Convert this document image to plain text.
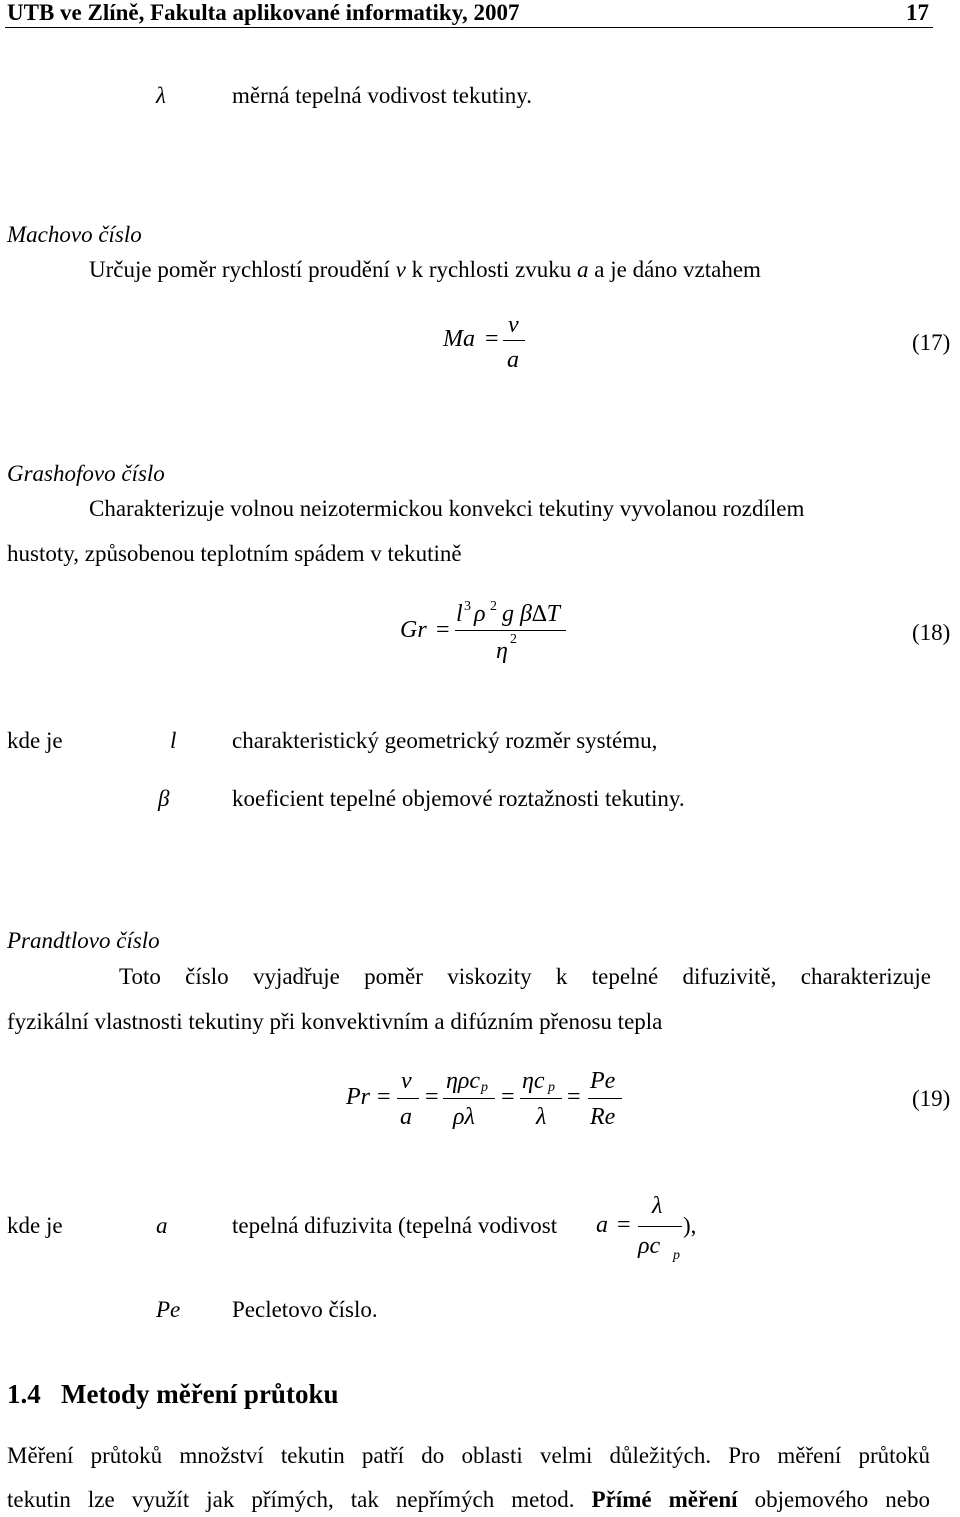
UTB ve Zlíně, Fakulta aplikované informatiky, 2007	17
λ	měrná tepelná vodivost tekutiny.
Machovo číslo
Určuje poměr rychlostí proudění v k rychlosti zvuku a a je dáno vztahem
Ma =
v
a
(17)
Grashofovo číslo
Charakterizuje volnou neizotermickou konvekci tekutiny vyvolanou rozdílem
hustoty, způsobenou teplotním spádem v tekutině
Gr =
l 3 ρ 2 g β∆T
η 2	(18)
kde je	l charakteristický geometrický rozměr systému,
β	koeficient tepelné objemové roztažnosti tekutiny.
Prandtlovo číslo
Toto číslo vyjadřuje poměr viskozity k tepelné difuzivitě, charakterizuje
fyzikální vlastnosti tekutiny při konvektivním a difúzním přenosu tepla
Pr =
ν
a
=
ηρc p
ρλ
=
ηc p
λ
=
Pe
Re
(19)
kde je	a	tepelná difuzivita (tepelná vodivost a =
λ
ρc p
),
Pe Pecletovo číslo.
1.4 Metody měření průtoku
Měření průtoků množství tekutin patří do oblasti velmi důležitých. Pro měření průtoků
tekutin lze využít jak přímých, tak nepřímých metod. Přímé měření objemového nebo
